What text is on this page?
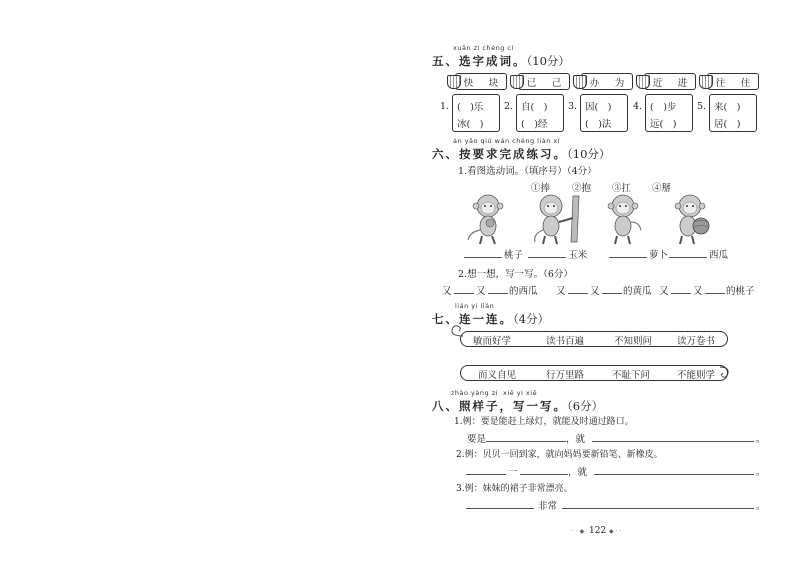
xuǎn zì chéng cí
五、选字成词。（10分）
快 块	已 己	办 为	近 进	往 住
1. (　)乐
冰(　)
2. 自(　)
(　)经
3. 因(　)
(　)法
4. (　)步
远(　)
5. 来(　)
居(　)
àn yāo qiú wán chéng liàn xí
六、按要求完成练习。（10分）
1.看图选动词。（填序号）（4分）
①捧 ②抱 ③扛 ④掰
桃子	玉米	萝卜	西瓜
2.想一想，写一写。（6分）
又	又 的西瓜 又	又 的黄瓜 又	又 的桃子
lián yi lián
七、连一连。（4分）
敏而好学	读书百遍	不知则问	读万卷书
而义自见	行万里路	不耻下问	不能则学
zhào yàng zi xiě yi xiě
八、照样子，写一写。（6分）
1.例：要是能赶上绿灯，就能及时通过路口。
要是	，就	。
2.例：贝贝一回到家，就向妈妈要新铅笔、新橡皮。
一	，就	。
3.例：妹妹的裙子非常漂亮。
非常	。
· · ◆ 122 ◆ · ·
